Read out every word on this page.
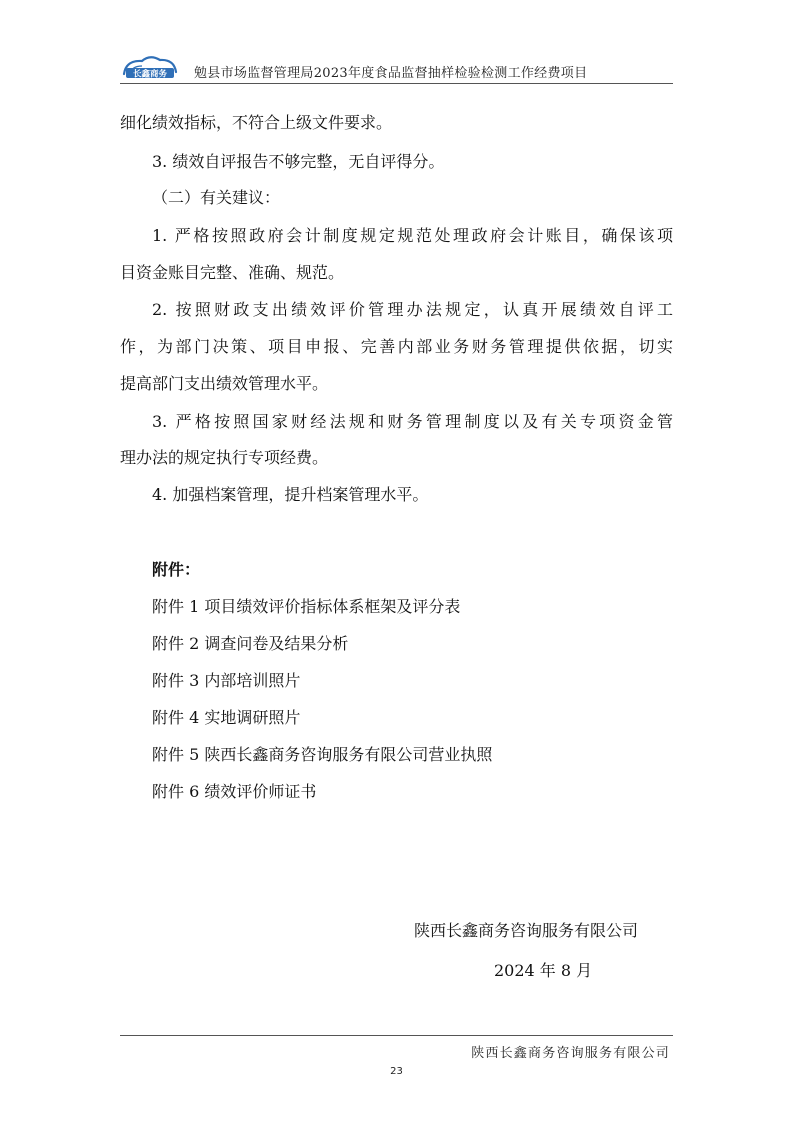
长鑫商务 勉县市场监督管理局2023年度食品监督抽样检验检测工作经费项目
细化绩效指标，不符合上级文件要求。
3. 绩效自评报告不够完整，无自评得分。
（二）有关建议：
1. 严格按照政府会计制度规定规范处理政府会计账目，确保该项
目资金账目完整、准确、规范。
2. 按照财政支出绩效评价管理办法规定，认真开展绩效自评工
作，为部门决策、项目申报、完善内部业务财务管理提供依据，切实
提高部门支出绩效管理水平。
3. 严格按照国家财经法规和财务管理制度以及有关专项资金管
理办法的规定执行专项经费。
4. 加强档案管理，提升档案管理水平。
附件：
附件 1 项目绩效评价指标体系框架及评分表
附件 2 调查问卷及结果分析
附件 3 内部培训照片
附件 4 实地调研照片
附件 5 陕西长鑫商务咨询服务有限公司营业执照
附件 6 绩效评价师证书
陕西长鑫商务咨询服务有限公司
2024 年 8 月
陕西长鑫商务咨询服务有限公司
23
